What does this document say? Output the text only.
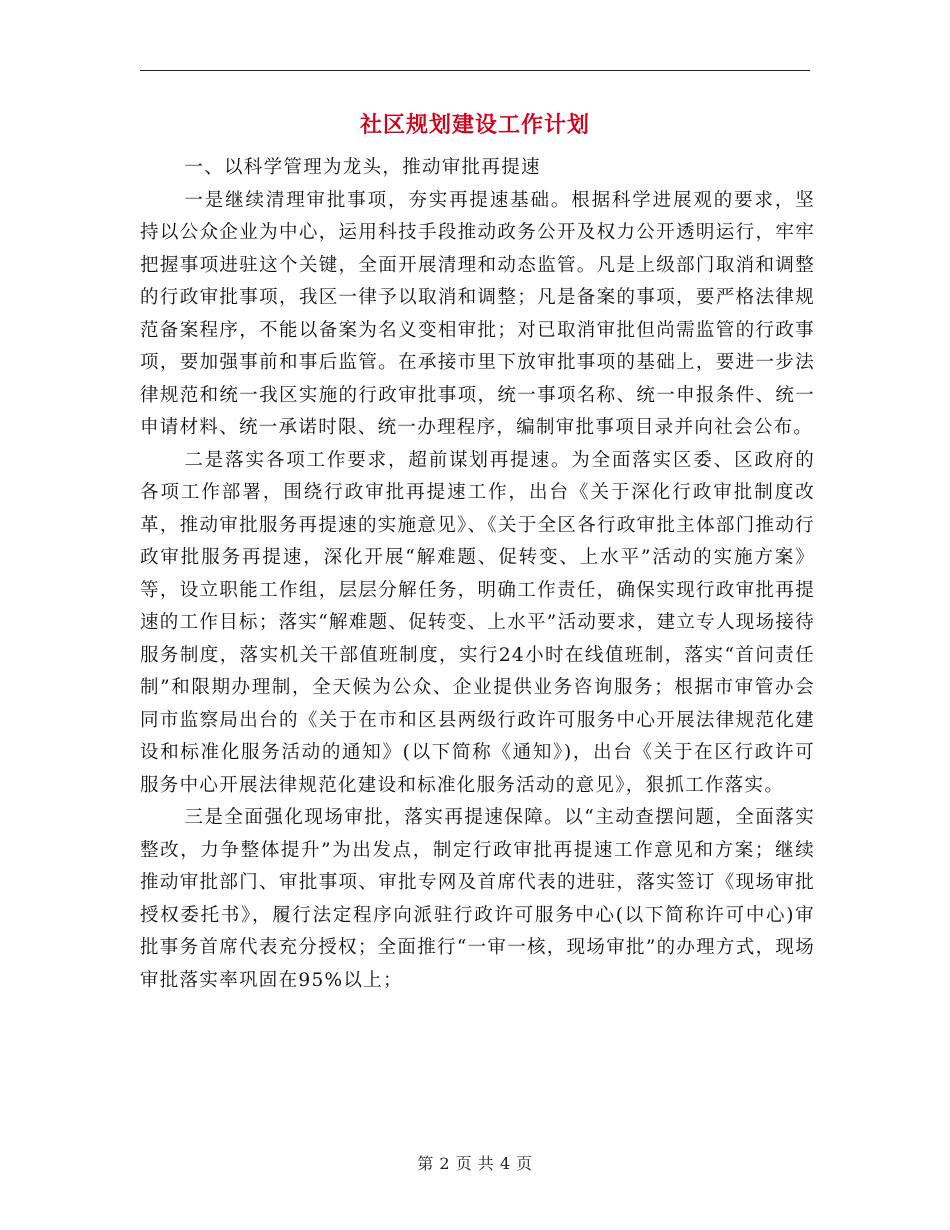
社区规划建设工作计划

一、以科学管理为龙头，推动审批再提速

一是继续清理审批事项，夯实再提速基础。根据科学进展观的要求，坚持以公众企业为中心，运用科技手段推动政务公开及权力公开透明运行，牢牢把握事项进驻这个关键，全面开展清理和动态监管。凡是上级部门取消和调整的行政审批事项，我区一律予以取消和调整；凡是备案的事项，要严格法律规范备案程序，不能以备案为名义变相审批；对已取消审批但尚需监管的行政事项，要加强事前和事后监管。在承接市里下放审批事项的基础上，要进一步法律规范和统一我区实施的行政审批事项，统一事项名称、统一申报条件、统一申请材料、统一承诺时限、统一办理程序，编制审批事项目录并向社会公布。

二是落实各项工作要求，超前谋划再提速。为全面落实区委、区政府的各项工作部署，围绕行政审批再提速工作，出台《关于深化行政审批制度改革，推动审批服务再提速的实施意见》、《关于全区各行政审批主体部门推动行政审批服务再提速，深化开展“解难题、促转变、上水平”活动的实施方案》等，设立职能工作组，层层分解任务，明确工作责任，确保实现行政审批再提速的工作目标；落实“解难题、促转变、上水平”活动要求，建立专人现场接待服务制度，落实机关干部值班制度，实行24小时在线值班制，落实“首问责任制”和限期办理制，全天候为公众、企业提供业务咨询服务；根据市审管办会同市监察局出台的《关于在市和区县两级行政许可服务中心开展法律规范化建设和标准化服务活动的通知》(以下简称《通知》)，出台《关于在区行政许可服务中心开展法律规范化建设和标准化服务活动的意见》，狠抓工作落实。

三是全面强化现场审批，落实再提速保障。以“主动查摆问题，全面落实整改，力争整体提升”为出发点，制定行政审批再提速工作意见和方案；继续推动审批部门、审批事项、审批专网及首席代表的进驻，落实签订《现场审批授权委托书》，履行法定程序向派驻行政许可服务中心(以下简称许可中心)审批事务首席代表充分授权；全面推行“一审一核，现场审批”的办理方式，现场审批落实率巩固在95%以上；

第 2 页 共 4 页
